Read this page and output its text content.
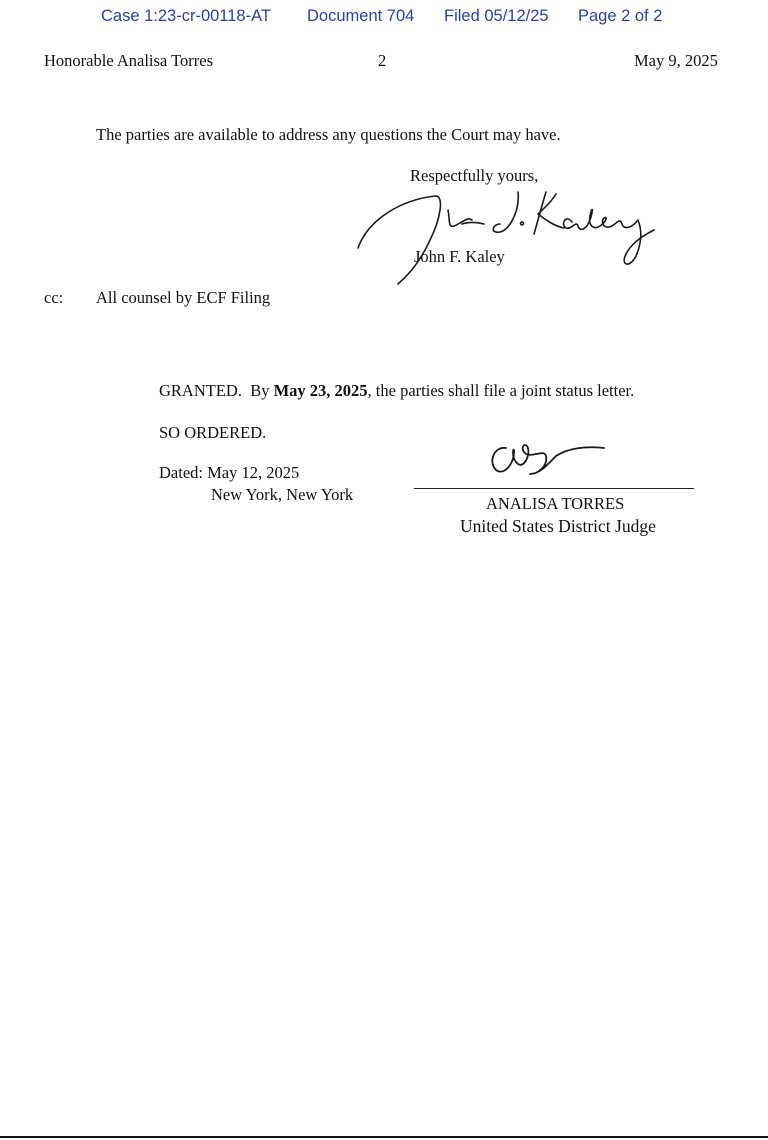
Case 1:23-cr-00118-AT Document 704 Filed 05/12/25 Page 2 of 2
Honorable Analisa Torres	2	May 9, 2025
The parties are available to address any questions the Court may have.
Respectfully yours,
John F. Kaley
cc: All counsel by ECF Filing
GRANTED.  By May 23, 2025, the parties shall file a joint status letter.
SO ORDERED.
Dated: May 12, 2025
New York, New York	ANALISA TORRES
United States District Judge
